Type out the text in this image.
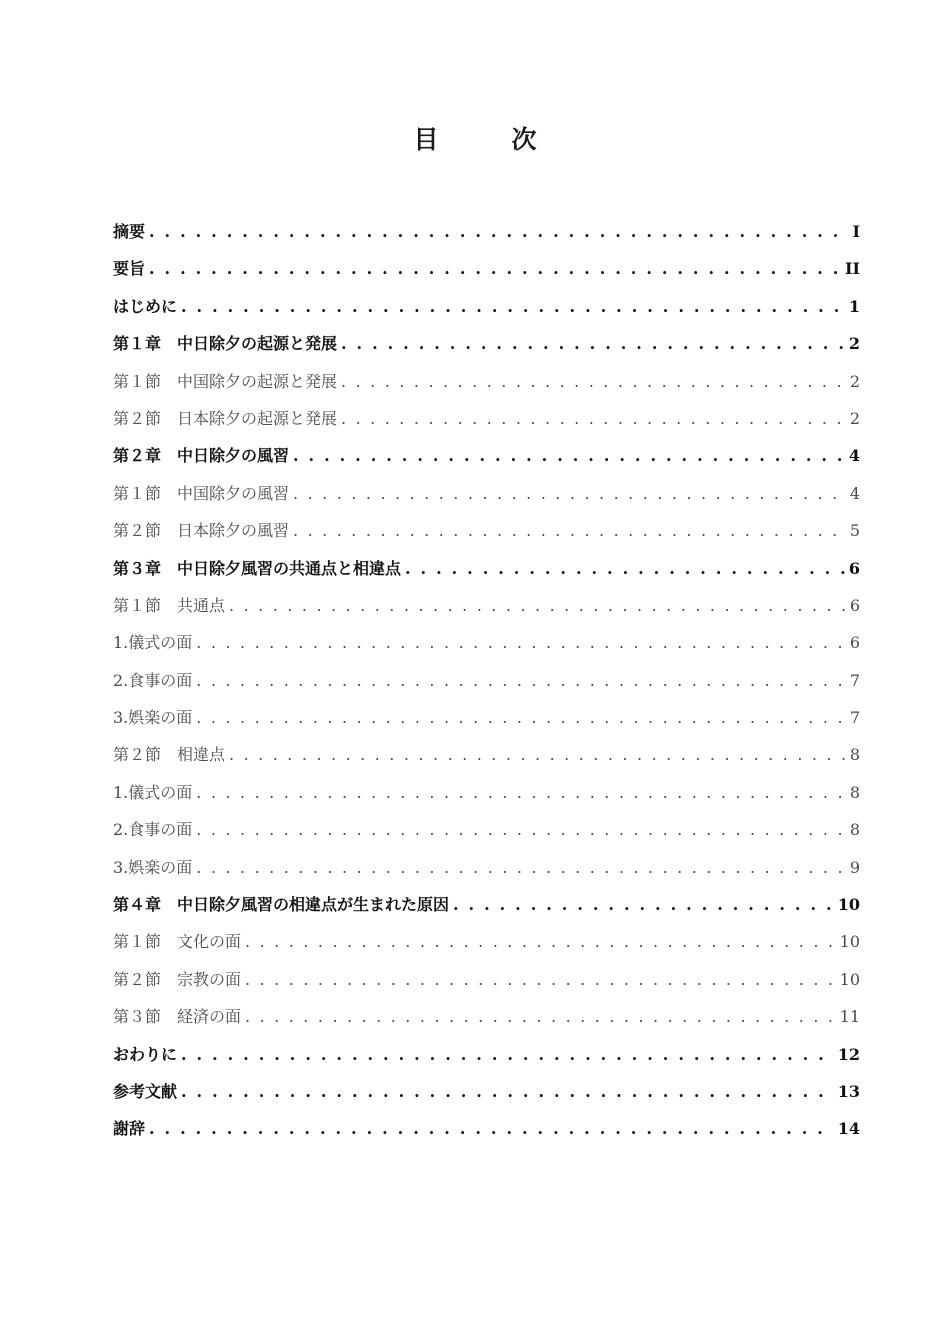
目　次
摘要 . . .	I
要旨 . . .	II
はじめに . . .	1
第１章　中日除夕の起源と発展 . . .	2
第１節　中国除夕の起源と発展 . . .	2
第２節　日本除夕の起源と発展 . . .	2
第２章　中日除夕の風習 . . .	4
第１節　中国除夕の風習 . . .	4
第２節　日本除夕の風習 . . .	5
第３章　中日除夕風習の共通点と相違点 . . .	6
第１節　共通点 . . .	6
1.儀式の面 . . .	6
2.食事の面 . . .	7
3.娯楽の面 . . .	7
第２節　相違点 . . .	8
1.儀式の面 . . .	8
2.食事の面 . . .	8
3.娯楽の面 . . .	9
第４章　中日除夕風習の相違点が生まれた原因 . . .	10
第１節　文化の面 . . .	10
第２節　宗教の面 . . .	10
第３節　経済の面 . . .	11
おわりに . . .	12
参考文献 . . .	13
謝辞 . . .	14
